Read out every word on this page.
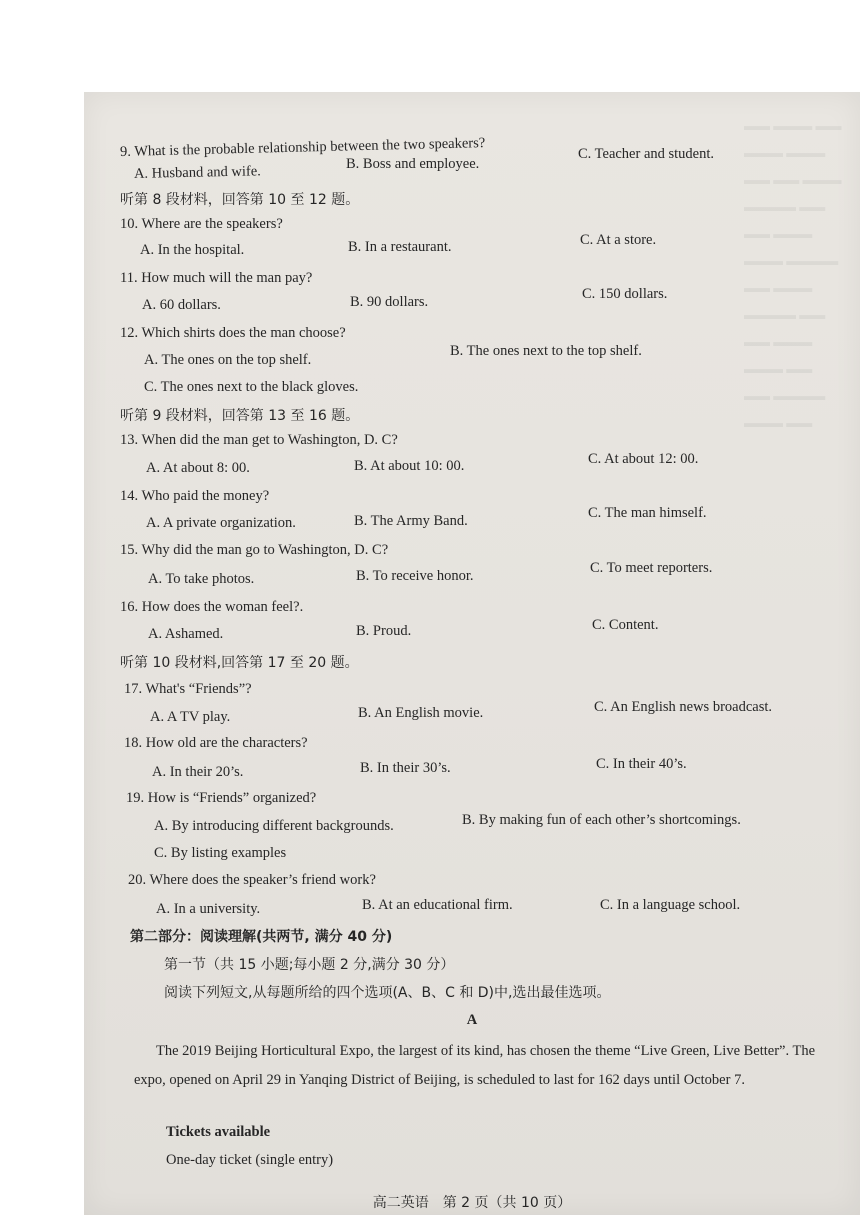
▬▬ ▬▬▬ ▬▬
▬▬▬ ▬▬▬
▬▬ ▬▬ ▬▬▬
▬▬▬▬ ▬▬
▬▬ ▬▬▬
▬▬▬ ▬▬▬▬
▬▬ ▬▬▬
▬▬▬▬ ▬▬
▬▬ ▬▬▬
▬▬▬ ▬▬
▬▬ ▬▬▬▬
▬▬▬ ▬▬
9. What is the probable relationship between the two speakers?
A. Husband and wife.	B. Boss and employee.
C. Teacher and student.
听第 8 段材料，回答第 10 至 12 题。
10. Where are the speakers?
A. In the hospital.	B. In a restaurant.	C. At a store.
11. How much will the man pay?
A. 60 dollars.	B. 90 dollars.	C. 150 dollars.
12. Which shirts does the man choose?
A. The ones on the top shelf.
B. The ones next to the top shelf.
C. The ones next to the black gloves.
听第 9 段材料，回答第 13 至 16 题。
13. When did the man get to Washington, D. C?
A. At about 8: 00.	B. At about 10: 00.	C. At about 12: 00.
14. Who paid the money?
A. A private organization.	B. The Army Band.	C. The man himself.
15. Why did the man go to Washington, D. C?
A. To take photos.	B. To receive honor.	C. To meet reporters.
16. How does the woman feel?.
A. Ashamed.	B. Proud.	C. Content.
听第 10 段材料,回答第 17 至 20 题。
17. What's “Friends”?
A. A TV play.	B. An English movie.	C. An English news broadcast.
18. How old are the characters?
A. In their 20’s.	B. In their 30’s.	C. In their 40’s.
19. How is “Friends” organized?
A. By introducing different backgrounds.	B. By making fun of each other’s shortcomings.
C. By listing examples
20. Where does the speaker’s friend work?
A. In a university.	B. At an educational firm.	C. In a language school.
第二部分：阅读理解(共两节, 满分 40 分)
第一节（共 15 小题;每小题 2 分,满分 30 分）
阅读下列短文,从每题所给的四个选项(A、B、C 和 D)中,选出最佳选项。
A
The 2019 Beijing Horticultural Expo, the largest of its kind, has chosen the theme “Live Green, Live Better”. The expo, opened on April 29 in Yanqing District of Beijing, is scheduled to last for 162 days until October 7.
Tickets available
One-day ticket (single entry)
高二英语　第 2 页（共 10 页）
